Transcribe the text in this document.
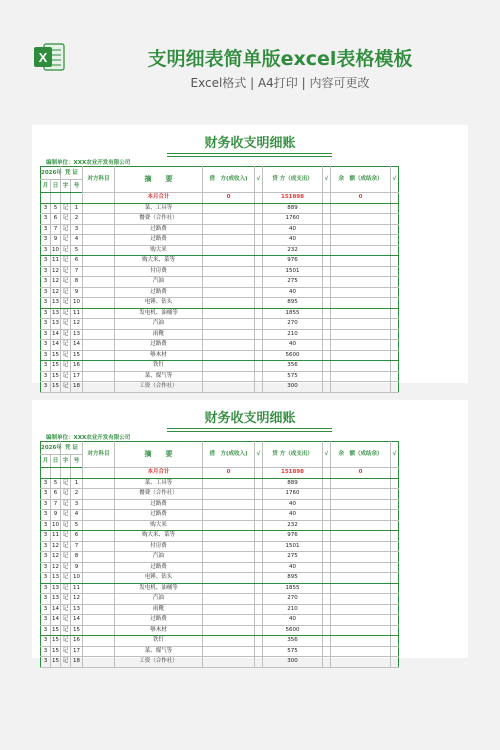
X	支明细表简单版excel表格模板
Excel格式 | A4打印 | 内容可更改
财务收支明细账
编制单位：XXX农业开发有限公司
2026年		凭 证		对方科目	摘　　要	借　方(成收入)	√	贷 方（成支出）	√	余　额（成结余）	√
月	日	字	号								
					本月合计	0		151898		0	
3	5	记	1		菜、工具等			889			
3	6	记	2		餐费（合作社）			1760			
3	7	记	3		过路费			40			
3	9	记	4		过路费			40			
3	10	记	5		购大米			232			
3	11	记	6		购大米、菜等			976			
3	12	记	7		付房费			1501			
3	12	记	8		汽油			275			
3	12	记	9		过路费			40			
3	13	记	10		电锤、钻头			895			
3	13	记	11		发电机、油桶等			1855			
3	13	记	12		汽油			270			
3	14	记	13		雨靴			210			
3	14	记	14		过路费			40			
3	15	记	15		够木材			5600			
3	15	记	16		铁钉			356			
3	15	记	17		菜、煤气等			575			
3	15	记	18		工资（合作社）			300			
财务收支明细账
编制单位：XXX农业开发有限公司
2026年		凭 证		对方科目	摘　　要	借　方(成收入)	√	贷 方（成支出）	√	余　额（成结余）	√
月	日	字	号								
					本月合计	0		151898		0	
3	5	记	1		菜、工具等			889			
3	6	记	2		餐费（合作社）			1760			
3	7	记	3		过路费			40			
3	9	记	4		过路费			40			
3	10	记	5		购大米			232			
3	11	记	6		购大米、菜等			976			
3	12	记	7		付房费			1501			
3	12	记	8		汽油			275			
3	12	记	9		过路费			40			
3	13	记	10		电锤、钻头			895			
3	13	记	11		发电机、油桶等			1855			
3	13	记	12		汽油			270			
3	14	记	13		雨靴			210			
3	14	记	14		过路费			40			
3	15	记	15		够木材			5600			
3	15	记	16		铁钉			356			
3	15	记	17		菜、煤气等			575			
3	15	记	18		工资（合作社）			300			
